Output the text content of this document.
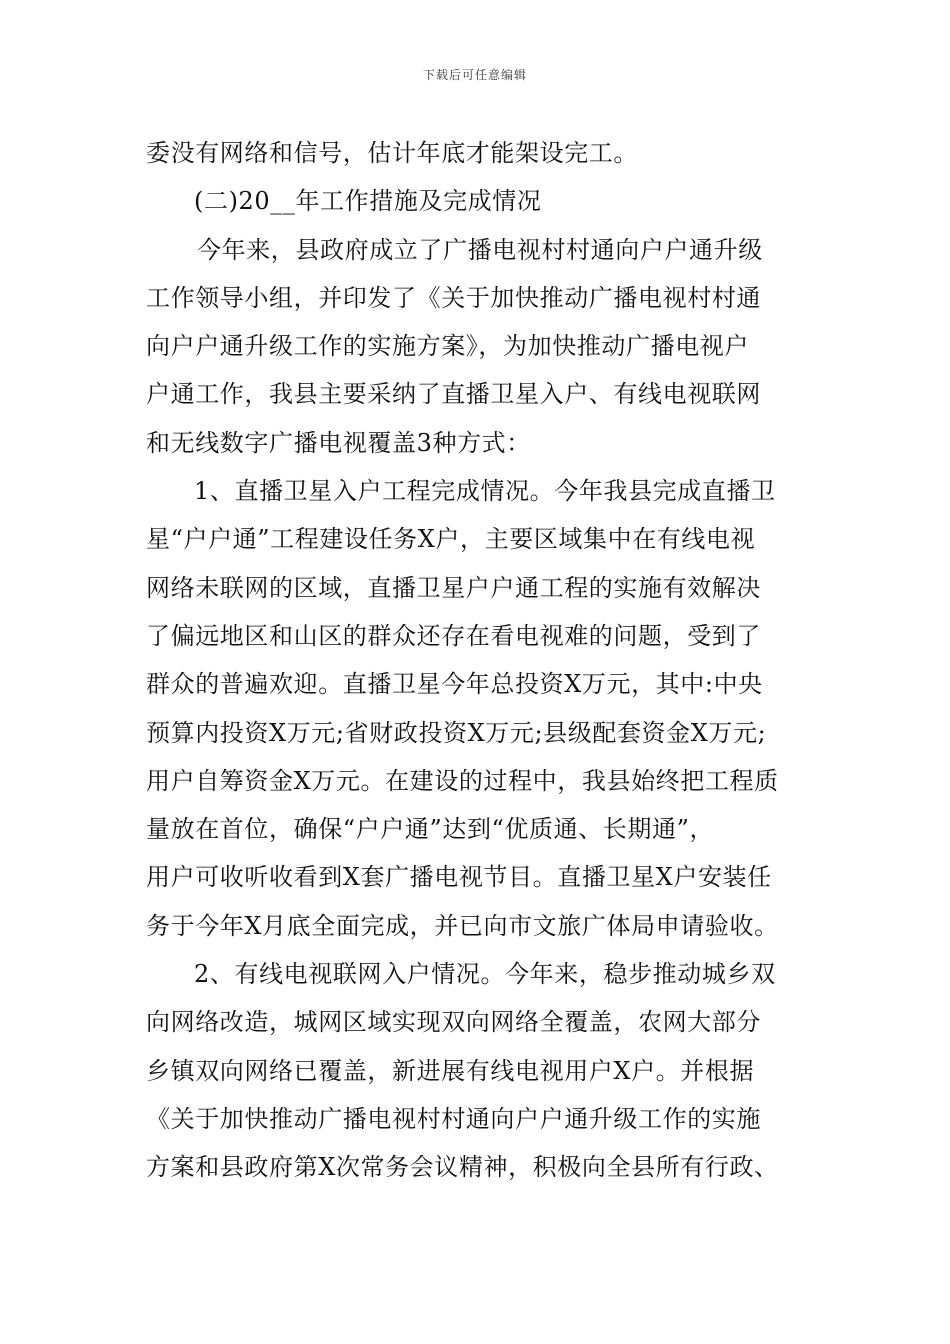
下载后可任意编辑
委没有网络和信号，估计年底才能架设完工。
(二)20__年工作措施及完成情况
今年来，县政府成立了广播电视村村通向户户通升级
工作领导小组，并印发了《关于加快推动广播电视村村通
向户户通升级工作的实施方案》，为加快推动广播电视户
户通工作，我县主要采纳了直播卫星入户、有线电视联网
和无线数字广播电视覆盖3种方式：
1、直播卫星入户工程完成情况。今年我县完成直播卫
星“户户通”工程建设任务X户，主要区域集中在有线电视
网络未联网的区域，直播卫星户户通工程的实施有效解决
了偏远地区和山区的群众还存在看电视难的问题，受到了
群众的普遍欢迎。直播卫星今年总投资X万元，其中:中央
预算内投资X万元;省财政投资X万元;县级配套资金X万元;
用户自筹资金X万元。在建设的过程中，我县始终把工程质
量放在首位，确保“户户通”达到“优质通、长期通”，
用户可收听收看到X套广播电视节目。直播卫星X户安装任
务于今年X月底全面完成，并已向市文旅广体局申请验收。
2、有线电视联网入户情况。今年来，稳步推动城乡双
向网络改造，城网区域实现双向网络全覆盖，农网大部分
乡镇双向网络已覆盖，新进展有线电视用户X户。并根据
《关于加快推动广播电视村村通向户户通升级工作的实施
方案和县政府第X次常务会议精神，积极向全县所有行政、
